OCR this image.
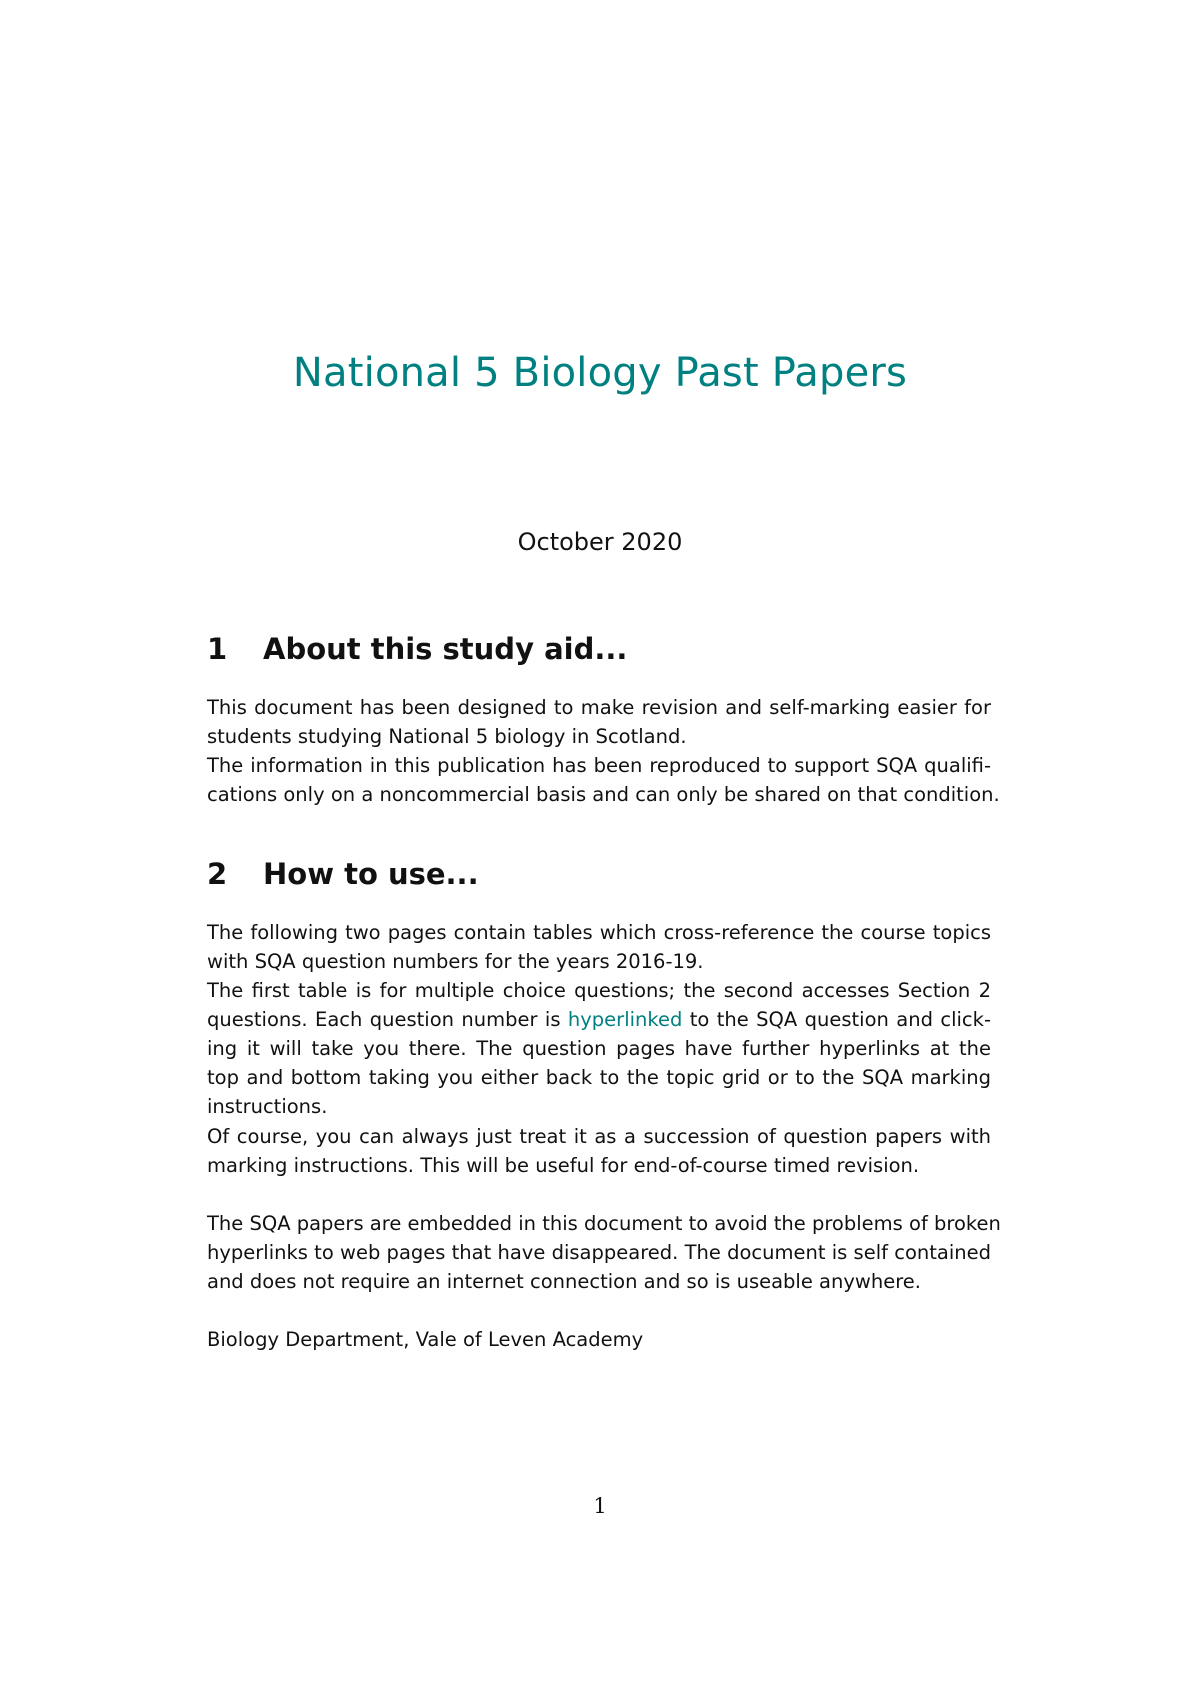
National 5 Biology Past Papers
October 2020
1 About this study aid...

This document has been designed to make revision and self-marking easier for
students studying National 5 biology in Scotland.

The information in this publication has been reproduced to support SQA qualifi-
cations only on a noncommercial basis and can only be shared on that condition.

2 How to use...

The following two pages contain tables which cross-reference the course topics
with SQA question numbers for the years 2016-19.

The first table is for multiple choice questions; the second accesses Section 2
questions. Each question number is hyperlinked to the SQA question and click-
ing it will take you there. The question pages have further hyperlinks at the
top and bottom taking you either back to the topic grid or to the SQA marking
instructions.

Of course, you can always just treat it as a succession of question papers with
marking instructions. This will be useful for end-of-course timed revision.

The SQA papers are embedded in this document to avoid the problems of broken
hyperlinks to web pages that have disappeared. The document is self contained
and does not require an internet connection and so is useable anywhere.

Biology Department, Vale of Leven Academy

1
